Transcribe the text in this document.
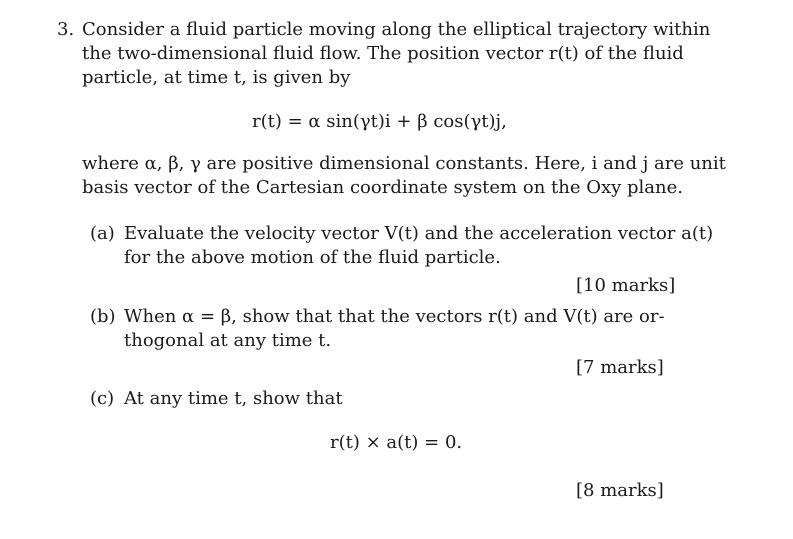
3. Consider a fluid particle moving along the elliptical trajectory within
the two-dimensional fluid flow. The position vector r(t) of the fluid
particle, at time t, is given by
r(t) = α sin(γt)i + β cos(γt)j,
where α, β, γ are positive dimensional constants. Here, i and j are unit
basis vector of the Cartesian coordinate system on the Oxy plane.
(a) Evaluate the velocity vector V(t) and the acceleration vector a(t)
for the above motion of the fluid particle.
[10 marks]
(b) When α = β, show that that the vectors r(t) and V(t) are or-
thogonal at any time t.
[7 marks]
(c) At any time t, show that
r(t) × a(t) = 0.
[8 marks]
